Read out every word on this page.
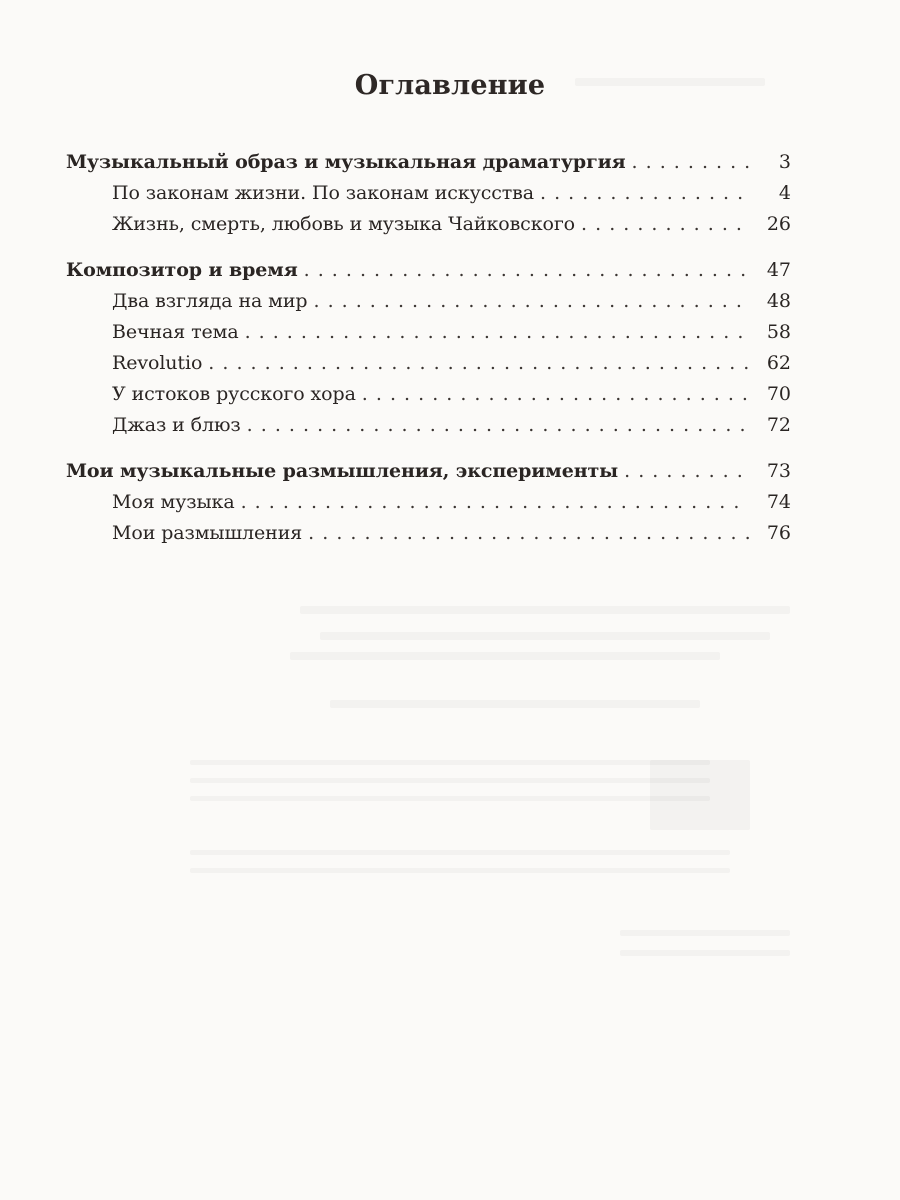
Оглавление
Музыкальный образ и музыкальная драматургия . . .	3
По законам жизни. По законам искусства . . .	4
Жизнь, смерть, любовь и музыка Чайковского . . .	26
Композитор и время . . .	47
Два взгляда на мир . . .	48
Вечная тема . . .	58
Revolutio . . .	62
У истоков русского хора . . .	70
Джаз и блюз . . .	72
Мои музыкальные размышления, эксперименты . . .	73
Моя музыка . . .	74
Мои размышления . . .	76
